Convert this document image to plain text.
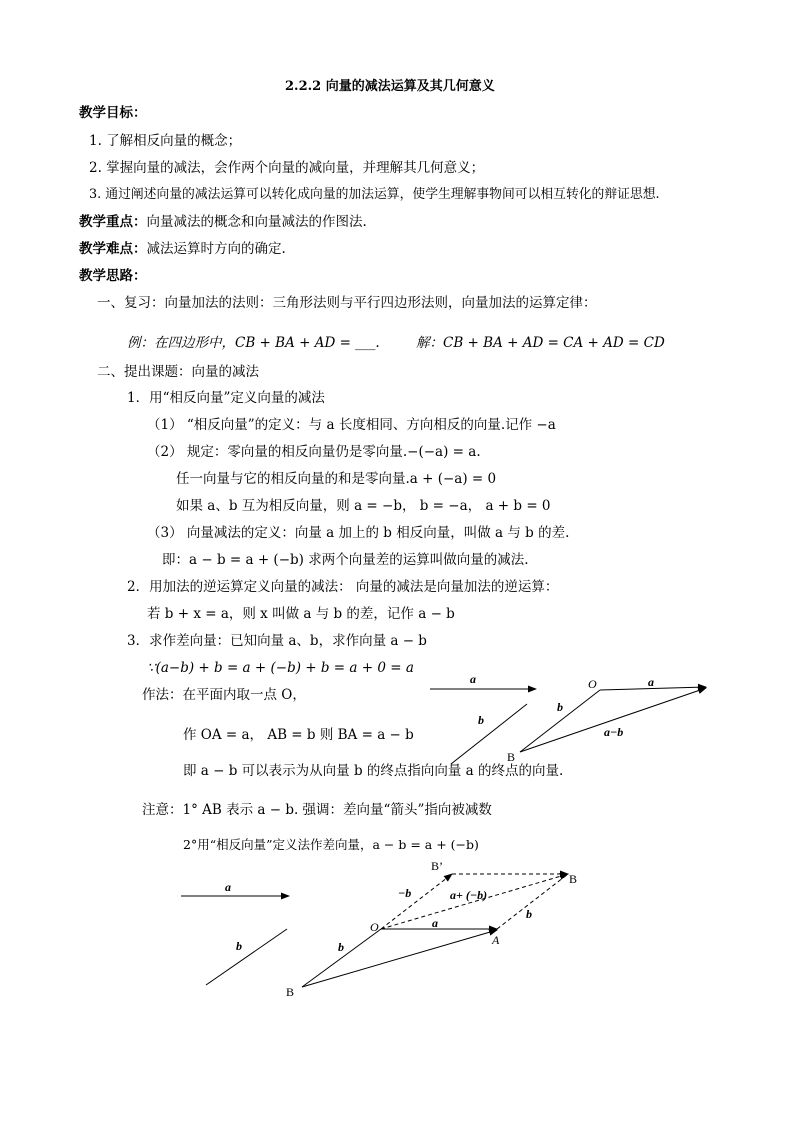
2.2.2 向量的减法运算及其几何意义
教学目标：
1. 了解相反向量的概念；
2. 掌握向量的减法，会作两个向量的减向量，并理解其几何意义；
3. 通过阐述向量的减法运算可以转化成向量的加法运算，使学生理解事物间可以相互转化的辩证思想.
教学重点：向量减法的概念和向量减法的作图法.
教学难点：减法运算时方向的确定.
教学思路：
一、复习：向量加法的法则：三角形法则与平行四边形法则，向量加法的运算定律：
例：在四边形中，CB + BA + AD = ___.	解：CB + BA + AD = CA + AD = CD
二、提出课题：向量的减法
1．用“相反向量”定义向量的减法
（1） “相反向量”的定义：与 a 长度相同、方向相反的向量.记作 −a
（2） 规定：零向量的相反向量仍是零向量.−(−a) = a.
任一向量与它的相反向量的和是零向量.a + (−a) = 0
如果 a、b 互为相反向量，则 a = −b， b = −a， a + b = 0
（3） 向量减法的定义：向量 a 加上的 b 相反向量，叫做 a 与 b 的差.
即：a − b = a + (−b) 求两个向量差的运算叫做向量的减法.
2．用加法的逆运算定义向量的减法： 向量的减法是向量加法的逆运算：
若 b + x = a，则 x 叫做 a 与 b 的差，记作 a − b
3．求作差向量：已知向量 a、b，求作向量 a − b
∵(a−b) + b = a + (−b) + b = a + 0 = a
作法：在平面内取一点 O，
作 OA = a， AB = b 则 BA = a − b
即 a − b 可以表示为从向量 b 的终点指向向量 a 的终点的向量.
注意：1° AB 表示 a − b. 强调：差向量“箭头”指向被减数
2°用“相反向量”定义法作差向量，a − b = a + (−b)
a
b
O	a
b
a−b
B
a
b
B’
−b	a+ (−b)
B
b
O	a
A
b
B
